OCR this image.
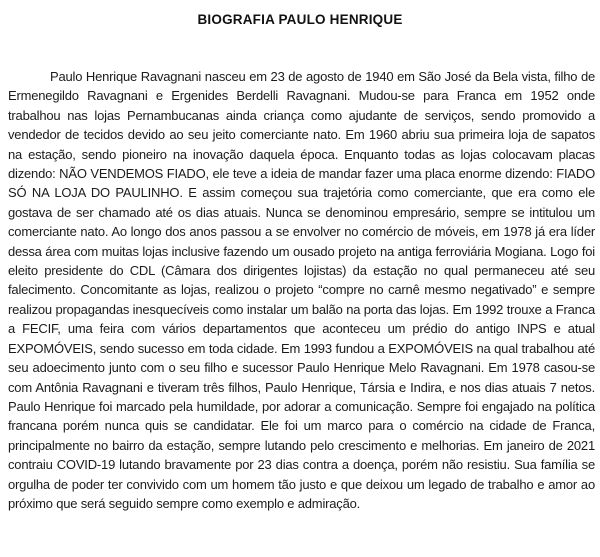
BIOGRAFIA PAULO HENRIQUE

Paulo Henrique Ravagnani nasceu em 23 de agosto de 1940 em São José da Bela vista, filho de Ermenegildo Ravagnani e Ergenides Berdelli Ravagnani. Mudou-se para Franca em 1952 onde trabalhou nas lojas Pernambucanas ainda criança como ajudante de serviços, sendo promovido a vendedor de tecidos devido ao seu jeito comerciante nato. Em 1960 abriu sua primeira loja de sapatos na estação, sendo pioneiro na inovação daquela época. Enquanto todas as lojas colocavam placas dizendo: NÃO VENDEMOS FIADO, ele teve a ideia de mandar fazer uma placa enorme dizendo: FIADO SÓ NA LOJA DO PAULINHO. E assim começou sua trajetória como comerciante, que era como ele gostava de ser chamado até os dias atuais. Nunca se denominou empresário, sempre se intitulou um comerciante nato. Ao longo dos anos passou a se envolver no comércio de móveis, em 1978 já era líder dessa área com muitas lojas inclusive fazendo um ousado projeto na antiga ferroviária Mogiana. Logo foi eleito presidente do CDL (Câmara dos dirigentes lojistas) da estação no qual permaneceu até seu falecimento. Concomitante as lojas, realizou o projeto “compre no carnê mesmo negativado” e sempre realizou propagandas inesquecíveis como instalar um balão na porta das lojas. Em 1992 trouxe a Franca a FECIF, uma feira com vários departamentos que aconteceu um prédio do antigo INPS e atual EXPOMÓVEIS, sendo sucesso em toda cidade. Em 1993 fundou a EXPOMÓVEIS na qual trabalhou até seu adoecimento junto com o seu filho e sucessor Paulo Henrique Melo Ravagnani. Em 1978 casou-se com Antônia Ravagnani e tiveram três filhos, Paulo Henrique, Társia e Indira, e nos dias atuais 7 netos. Paulo Henrique foi marcado pela humildade, por adorar a comunicação. Sempre foi engajado na política francana porém nunca quis se candidatar. Ele foi um marco para o comércio na cidade de Franca, principalmente no bairro da estação, sempre lutando pelo crescimento e melhorias. Em janeiro de 2021 contraiu COVID-19 lutando bravamente por 23 dias contra a doença, porém não resistiu. Sua família se orgulha de poder ter convivido com um homem tão justo e que deixou um legado de trabalho e amor ao próximo que será seguido sempre como exemplo e admiração.
